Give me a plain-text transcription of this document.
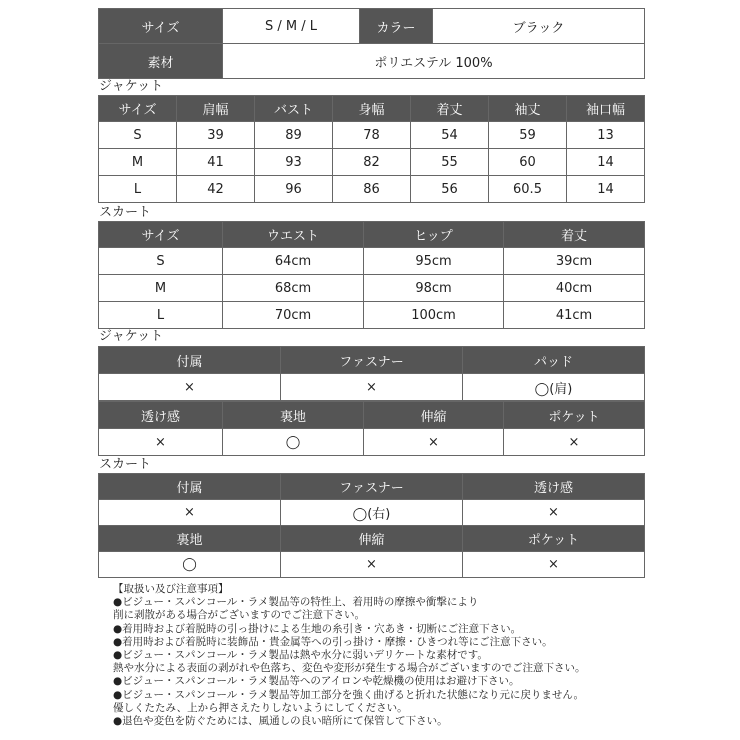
サイズ	S / M / L	カラー	ブラック
素材	ポリエステル 100%		
ジャケット
サイズ	肩幅	バスト	身幅	着丈	袖丈	袖口幅
S	39	89	78	54	59	13
M	41	93	82	55	60	14
L	42	96	86	56	60.5	14
スカート
サイズ	ウエスト	ヒップ	着丈
S	64cm	95cm	39cm
M	68cm	98cm	40cm
L	70cm	100cm	41cm
ジャケット
付属	ファスナー	パッド
×	×	◯(肩)
透け感	裏地	伸縮	ポケット
×	◯	×	×
スカート
付属	ファスナー	透け感
×	◯(右)	×
裏地	伸縮	ポケット
◯	×	×
【取扱い及び注意事項】
●ビジュー・スパンコール・ラメ製品等の特性上、着用時の摩擦や衝撃により
削に剥散がある場合がございますのでご注意下さい。
●着用時および着脱時の引っ掛けによる生地の糸引き・穴あき・切断にご注意下さい。
●着用時および着脱時に装飾品・貴金属等への引っ掛け・摩擦・ひきつれ等にご注意下さい。
●ビジュー・スパンコール・ラメ製品は熱や水分に弱いデリケートな素材です。
熱や水分による表面の剥がれや色落ち、変色や変形が発生する場合がございますのでご注意下さい。
●ビジュー・スパンコール・ラメ製品等へのアイロンや乾燥機の使用はお避け下さい。
●ビジュー・スパンコール・ラメ製品等加工部分を強く曲げると折れた状態になり元に戻りません。
優しくたたみ、上から押さえたりしないようにしてください。
●退色や変色を防ぐためには、風通しの良い暗所にて保管して下さい。
